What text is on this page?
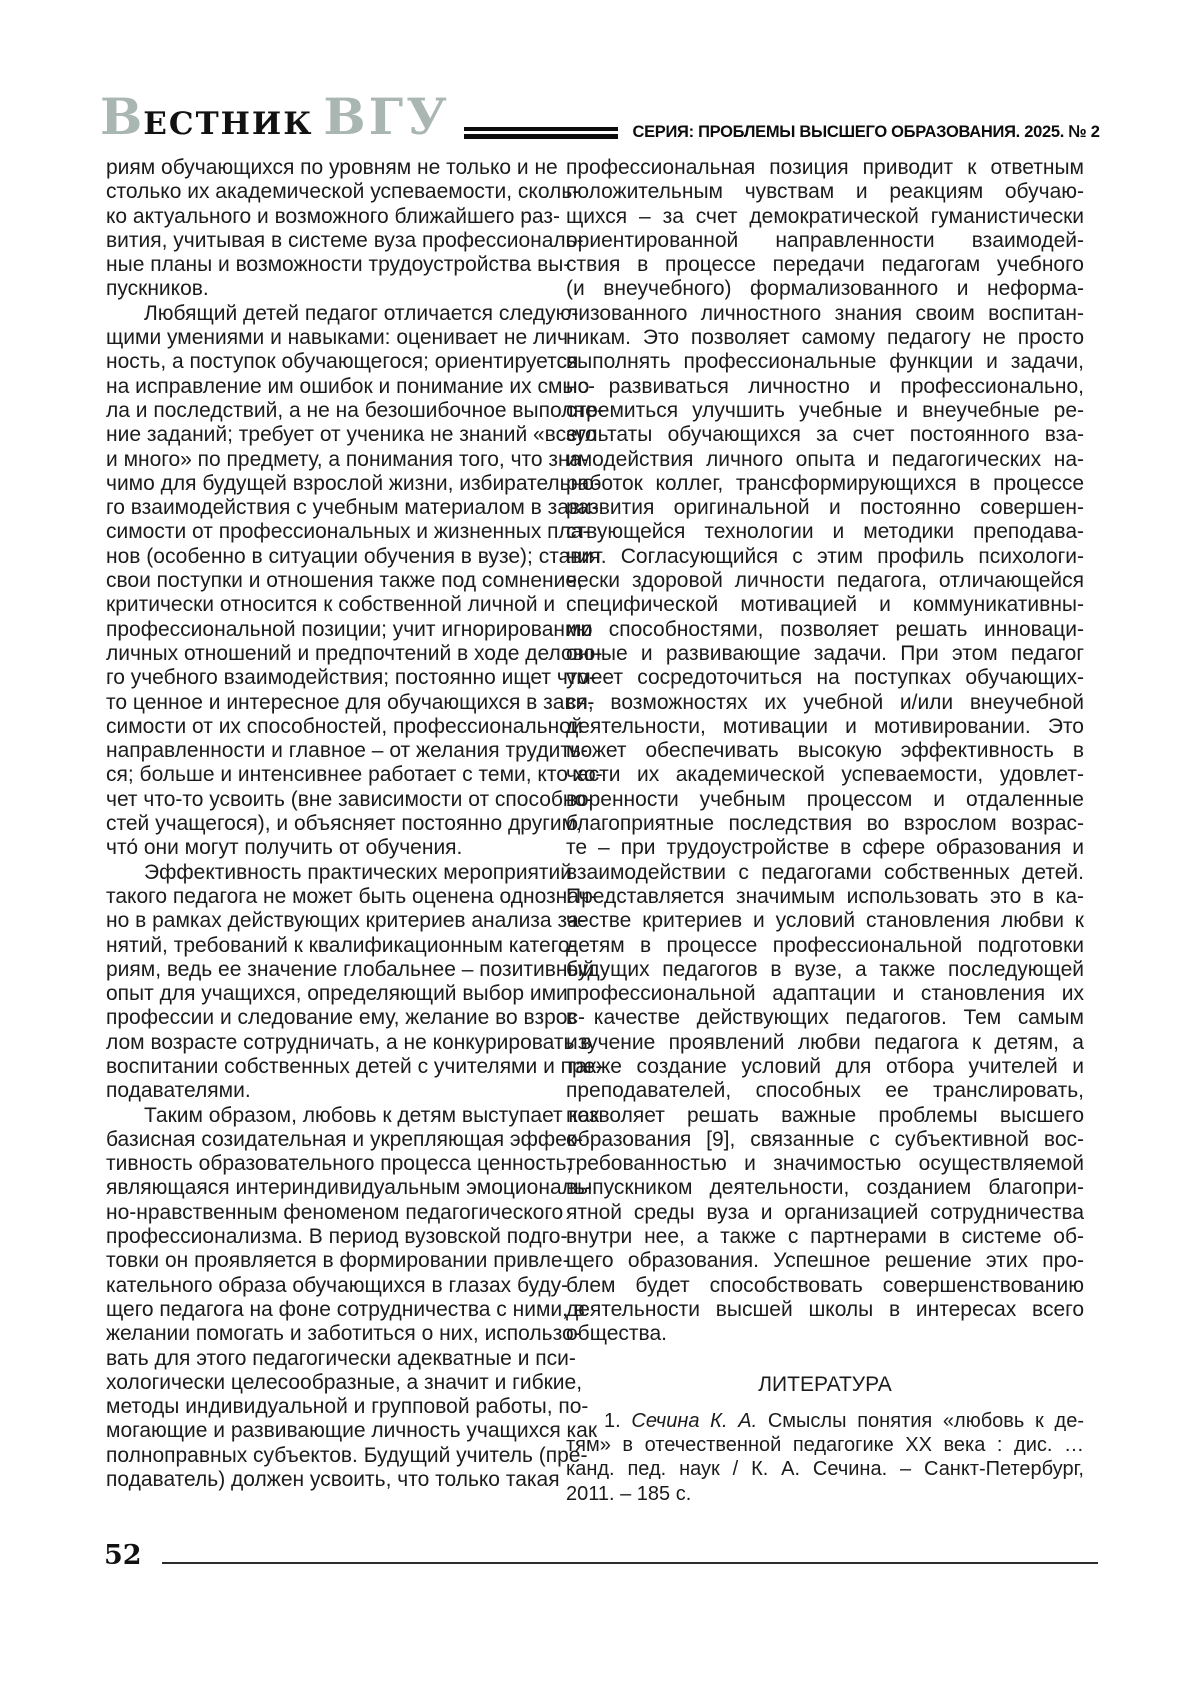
ВЕСТНИК ВГУ	СЕРИЯ: ПРОБЛЕМЫ ВЫСШЕГО ОБРАЗОВАНИЯ. 2025. № 2
риям обучающихся по уровням не только и не
столько их академической успеваемости, сколь-
ко актуального и возможного ближайшего раз-
вития, учитывая в системе вуза профессиональ-
ные планы и возможности трудоустройства вы-
пускников.
Любящий детей педагог отличается следую-
щими умениями и навыками: оценивает не лич-
ность, а поступок обучающегося; ориентируется
на исправление им ошибок и понимание их смыс-
ла и последствий, а не на безошибочное выполне-
ние заданий; требует от ученика не знаний «всего
и много» по предмету, а понимания того, что зна-
чимо для будущей взрослой жизни, избирательно-
го взаимодействия с учебным материалом в зави-
симости от профессиональных и жизненных пла-
нов (особенно в ситуации обучения в вузе); ставит
свои поступки и отношения также под сомнение,
критически относится к собственной личной и
профессиональной позиции; учит игнорированию
личных отношений и предпочтений в ходе делово-
го учебного взаимодействия; постоянно ищет что-
то ценное и интересное для обучающихся в зави-
симости от их способностей, профессиональной
направленности и главное – от желания трудить-
ся; больше и интенсивнее работает с теми, кто хо-
чет что-то усвоить (вне зависимости от способно-
стей учащегося), и объясняет постоянно другим,
что́ они могут получить от обучения.
Эффективность практических мероприятий
такого педагога не может быть оценена однознач-
но в рамках действующих критериев анализа за-
нятий, требований к квалификационным катего-
риям, ведь ее значение глобальнее – позитивный
опыт для учащихся, определяющий выбор ими
профессии и следование ему, желание во взрос-
лом возрасте сотрудничать, а не конкурировать в
воспитании собственных детей с учителями и пре-
подавателями.
Таким образом, любовь к детям выступает как
базисная созидательная и укрепляющая эффек-
тивность образовательного процесса ценность,
являющаяся интериндивидуальным эмоциональ-
но-нравственным феноменом педагогического
профессионализма. В период вузовской подго-
товки он проявляется в формировании привле-
кательного образа обучающихся в глазах буду-
щего педагога на фоне сотрудничества с ними, в
желании помогать и заботиться о них, использо-
вать для этого педагогически адекватные и пси-
хологически целесообразные, а значит и гибкие,
методы индивидуальной и групповой работы, по-
могающие и развивающие личность учащихся как
полноправных субъектов. Будущий учитель (пре-
подаватель) должен усвоить, что только такая
профессиональная позиция приводит к ответным
положительным чувствам и реакциям обучаю-
щихся – за счет демократической гуманистически
ориентированной направленности взаимодей-
ствия в процессе передачи педагогам учебного
(и внеучебного) формализованного и неформа-
лизованного личностного знания своим воспитан-
никам. Это позволяет самому педагогу не просто
выполнять профессиональные функции и задачи,
но развиваться личностно и профессионально,
стремиться улучшить учебные и внеучебные ре-
зультаты обучающихся за счет постоянного вза-
имодействия личного опыта и педагогических на-
работок коллег, трансформирующихся в процессе
развития оригинальной и постоянно совершен-
ствующейся технологии и методики преподава-
ния. Согласующийся с этим профиль психологи-
чески здоровой личности педагога, отличающейся
специфической мотивацией и коммуникативны-
ми способностями, позволяет решать инноваци-
онные и развивающие задачи. При этом педагог
умеет сосредоточиться на поступках обучающих-
ся, возможностях их учебной и/или внеучебной
деятельности, мотивации и мотивировании. Это
может обеспечивать высокую эффективность в
части их академической успеваемости, удовлет-
воренности учебным процессом и отдаленные
благоприятные последствия во взрослом возрас-
те – при трудоустройстве в сфере образования и
взаимодействии с педагогами собственных детей.
Представляется значимым использовать это в ка-
честве критериев и условий становления любви к
детям в процессе профессиональной подготовки
будущих педагогов в вузе, а также последующей
профессиональной адаптации и становления их
в качестве действующих педагогов. Тем самым
изучение проявлений любви педагога к детям, а
также создание условий для отбора учителей и
преподавателей, способных ее транслировать,
позволяет решать важные проблемы высшего
образования [9], связанные с субъективной вос-
требованностью и значимостью осуществляемой
выпускником деятельности, созданием благопри-
ятной среды вуза и организацией сотрудничества
внутри нее, а также с партнерами в системе об-
щего образования. Успешное решение этих про-
блем будет способствовать совершенствованию
деятельности высшей школы в интересах всего
общества.
ЛИТЕРАТУРА
1. Сечина К. А. Смыслы понятия «любовь к де-
тям» в отечественной педагогике XX века : дис. …
канд. пед. наук / К. А. Сечина. – Санкт-Петербург,
2011. – 185 с.
52
